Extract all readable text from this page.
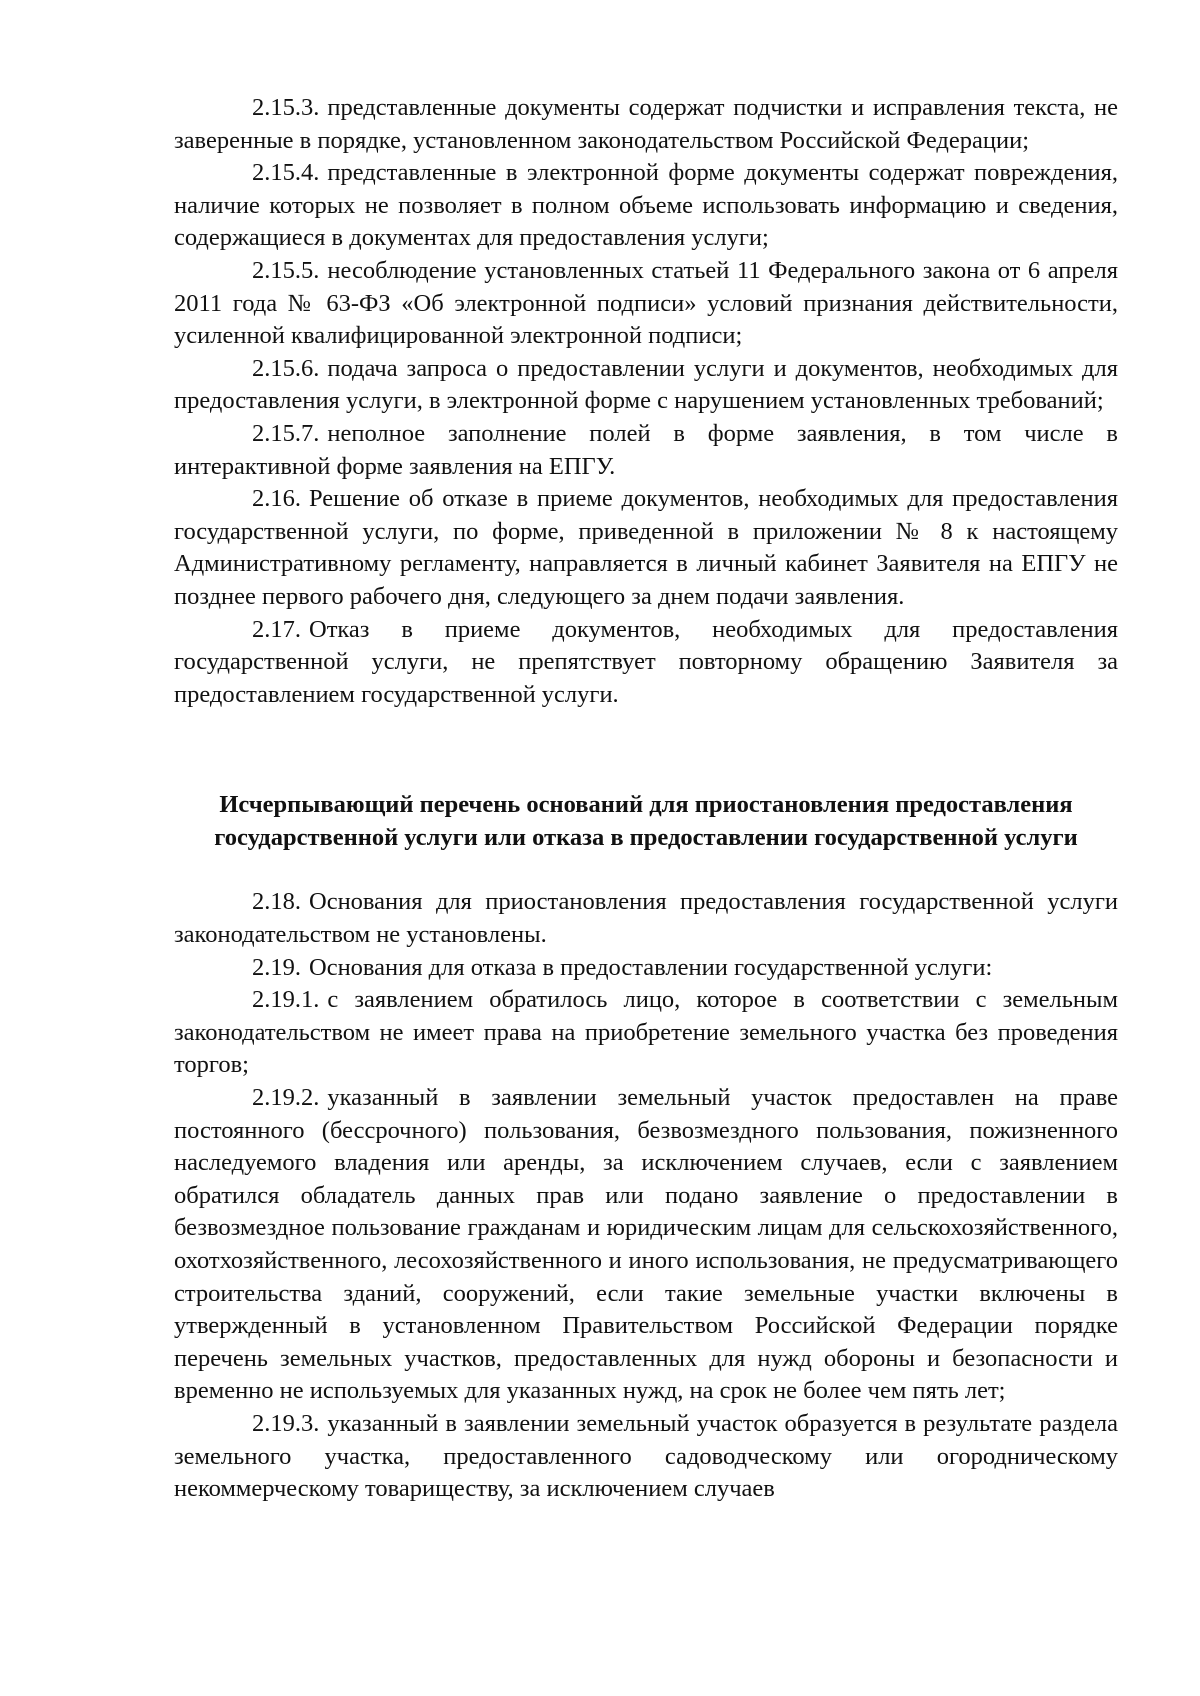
2.15.3. представленные документы содержат подчистки и исправления текста, не заверенные в порядке, установленном законодательством Российской Федерации;

2.15.4. представленные в электронной форме документы содержат повреждения, наличие которых не позволяет в полном объеме использовать информацию и сведения, содержащиеся в документах для предоставления услуги;

2.15.5. несоблюдение установленных статьей 11 Федерального закона от 6 апреля 2011 года № 63-ФЗ «Об электронной подписи» условий признания действительности, усиленной квалифицированной электронной подписи;

2.15.6. подача запроса о предоставлении услуги и документов, необходимых для предоставления услуги, в электронной форме с нарушением установленных требований;

2.15.7. неполное заполнение полей в форме заявления, в том числе в интерактивной форме заявления на ЕПГУ.

2.16. Решение об отказе в приеме документов, необходимых для предоставления государственной услуги, по форме, приведенной в приложении № 8 к настоящему Административному регламенту, направляется в личный кабинет Заявителя на ЕПГУ не позднее первого рабочего дня, следующего за днем подачи заявления.

2.17. Отказ в приеме документов, необходимых для предоставления государственной услуги, не препятствует повторному обращению Заявителя за предоставлением государственной услуги.

Исчерпывающий перечень оснований для приостановления предоставления
государственной услуги или отказа в предоставлении государственной услуги

2.18. Основания для приостановления предоставления государственной услуги законодательством не установлены.

2.19. Основания для отказа в предоставлении государственной услуги:

2.19.1. с заявлением обратилось лицо, которое в соответствии с земельным законодательством не имеет права на приобретение земельного участка без проведения торгов;

2.19.2. указанный в заявлении земельный участок предоставлен на праве постоянного (бессрочного) пользования, безвозмездного пользования, пожизненного наследуемого владения или аренды, за исключением случаев, если с заявлением обратился обладатель данных прав или подано заявление о предоставлении в безвозмездное пользование гражданам и юридическим лицам для сельскохозяйственного, охотхозяйственного, лесохозяйственного и иного использования, не предусматривающего строительства зданий, сооружений, если такие земельные участки включены в утвержденный в установленном Правительством Российской Федерации порядке перечень земельных участков, предоставленных для нужд обороны и безопасности и временно не используемых для указанных нужд, на срок не более чем пять лет;

2.19.3. указанный в заявлении земельный участок образуется в результате раздела земельного участка, предоставленного садоводческому или огородническому некоммерческому товариществу, за исключением случаев
